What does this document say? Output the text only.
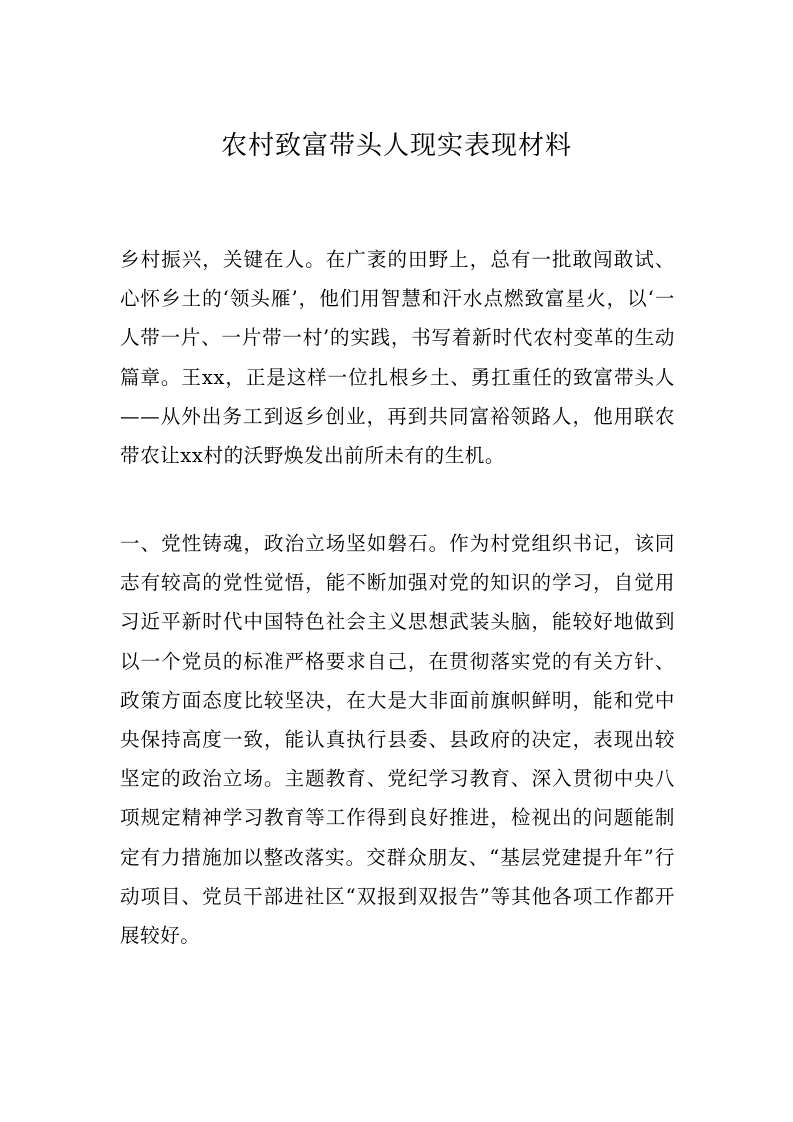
农村致富带头人现实表现材料

乡村振兴，关键在人。在广袤的田野上，总有一批敢闯敢试、心怀乡土的‘领头雁’，他们用智慧和汗水点燃致富星火，以‘一人带一片、一片带一村’的实践，书写着新时代农村变革的生动篇章。王xx，正是这样一位扎根乡土、勇扛重任的致富带头人——从外出务工到返乡创业，再到共同富裕领路人，他用联农带农让xx村的沃野焕发出前所未有的生机。

一、党性铸魂，政治立场坚如磐石。作为村党组织书记，该同志有较高的党性觉悟，能不断加强对党的知识的学习，自觉用习近平新时代中国特色社会主义思想武装头脑，能较好地做到以一个党员的标准严格要求自己，在贯彻落实党的有关方针、政策方面态度比较坚决，在大是大非面前旗帜鲜明，能和党中央保持高度一致，能认真执行县委、县政府的决定，表现出较坚定的政治立场。主题教育、党纪学习教育、深入贯彻中央八项规定精神学习教育等工作得到良好推进，检视出的问题能制定有力措施加以整改落实。交群众朋友、“基层党建提升年”行动项目、党员干部进社区“双报到双报告”等其他各项工作都开展较好。
